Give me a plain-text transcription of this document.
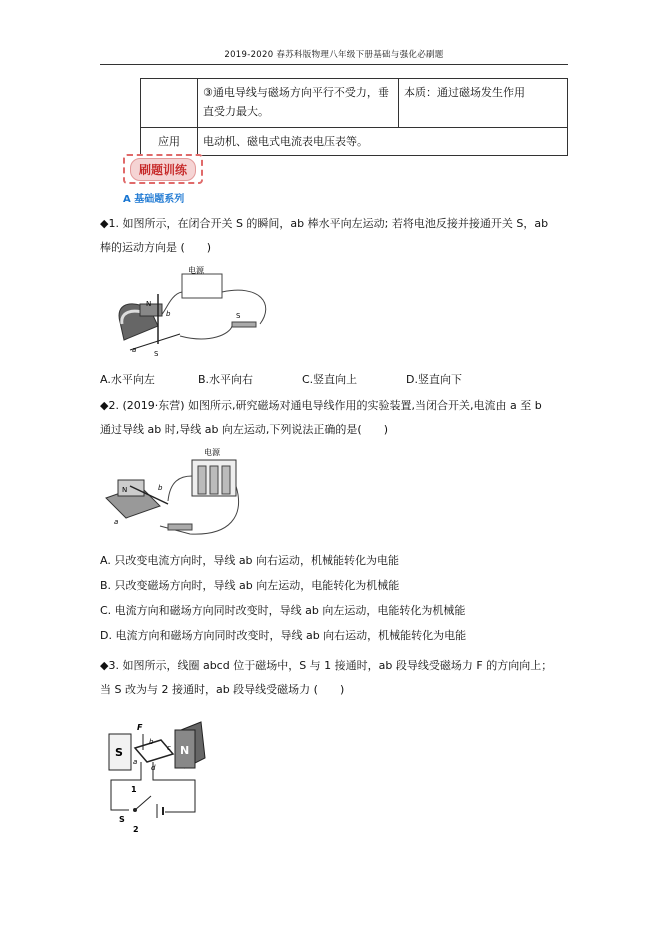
2019-2020 春苏科版物理八年级下册基础与强化必刷题
	③通电导线与磁场方向平行不受力，垂直受力最大。	本质：通过磁场发生作用
应用	电动机、磁电式电流表电压表等。	
刷题训练
A 基础题系列
◆1. 如图所示，在闭合开关 S 的瞬间，ab 棒水平向左运动; 若将电池反接并接通开关 S，ab
棒的运动方向是 (　　)
电源
N
S
a
b	S
A.水平向左	B.水平向右	C.竖直向上	D.竖直向下
◆2. (2019·东营) 如图所示,研究磁场对通电导线作用的实验装置,当闭合开关,电流由 a 至 b
通过导线 ab 时,导线 ab 向左运动,下列说法正确的是(　　)
电源
N
a
b
A. 只改变电流方向时，导线 ab 向右运动，机械能转化为电能
B. 只改变磁场方向时，导线 ab 向左运动，电能转化为机械能
C. 电流方向和磁场方向同时改变时，导线 ab 向左运动，电能转化为机械能
D. 电流方向和磁场方向同时改变时，导线 ab 向右运动，机械能转化为电能
◆3. 如图所示，线圈 abcd 位于磁场中，S 与 1 接通时，ab 段导线受磁场力 F 的方向向上；
当 S 改为与 2 接通时，ab 段导线受磁场力 (　　)
S	N
F
a
b
c
d
1
2
S
